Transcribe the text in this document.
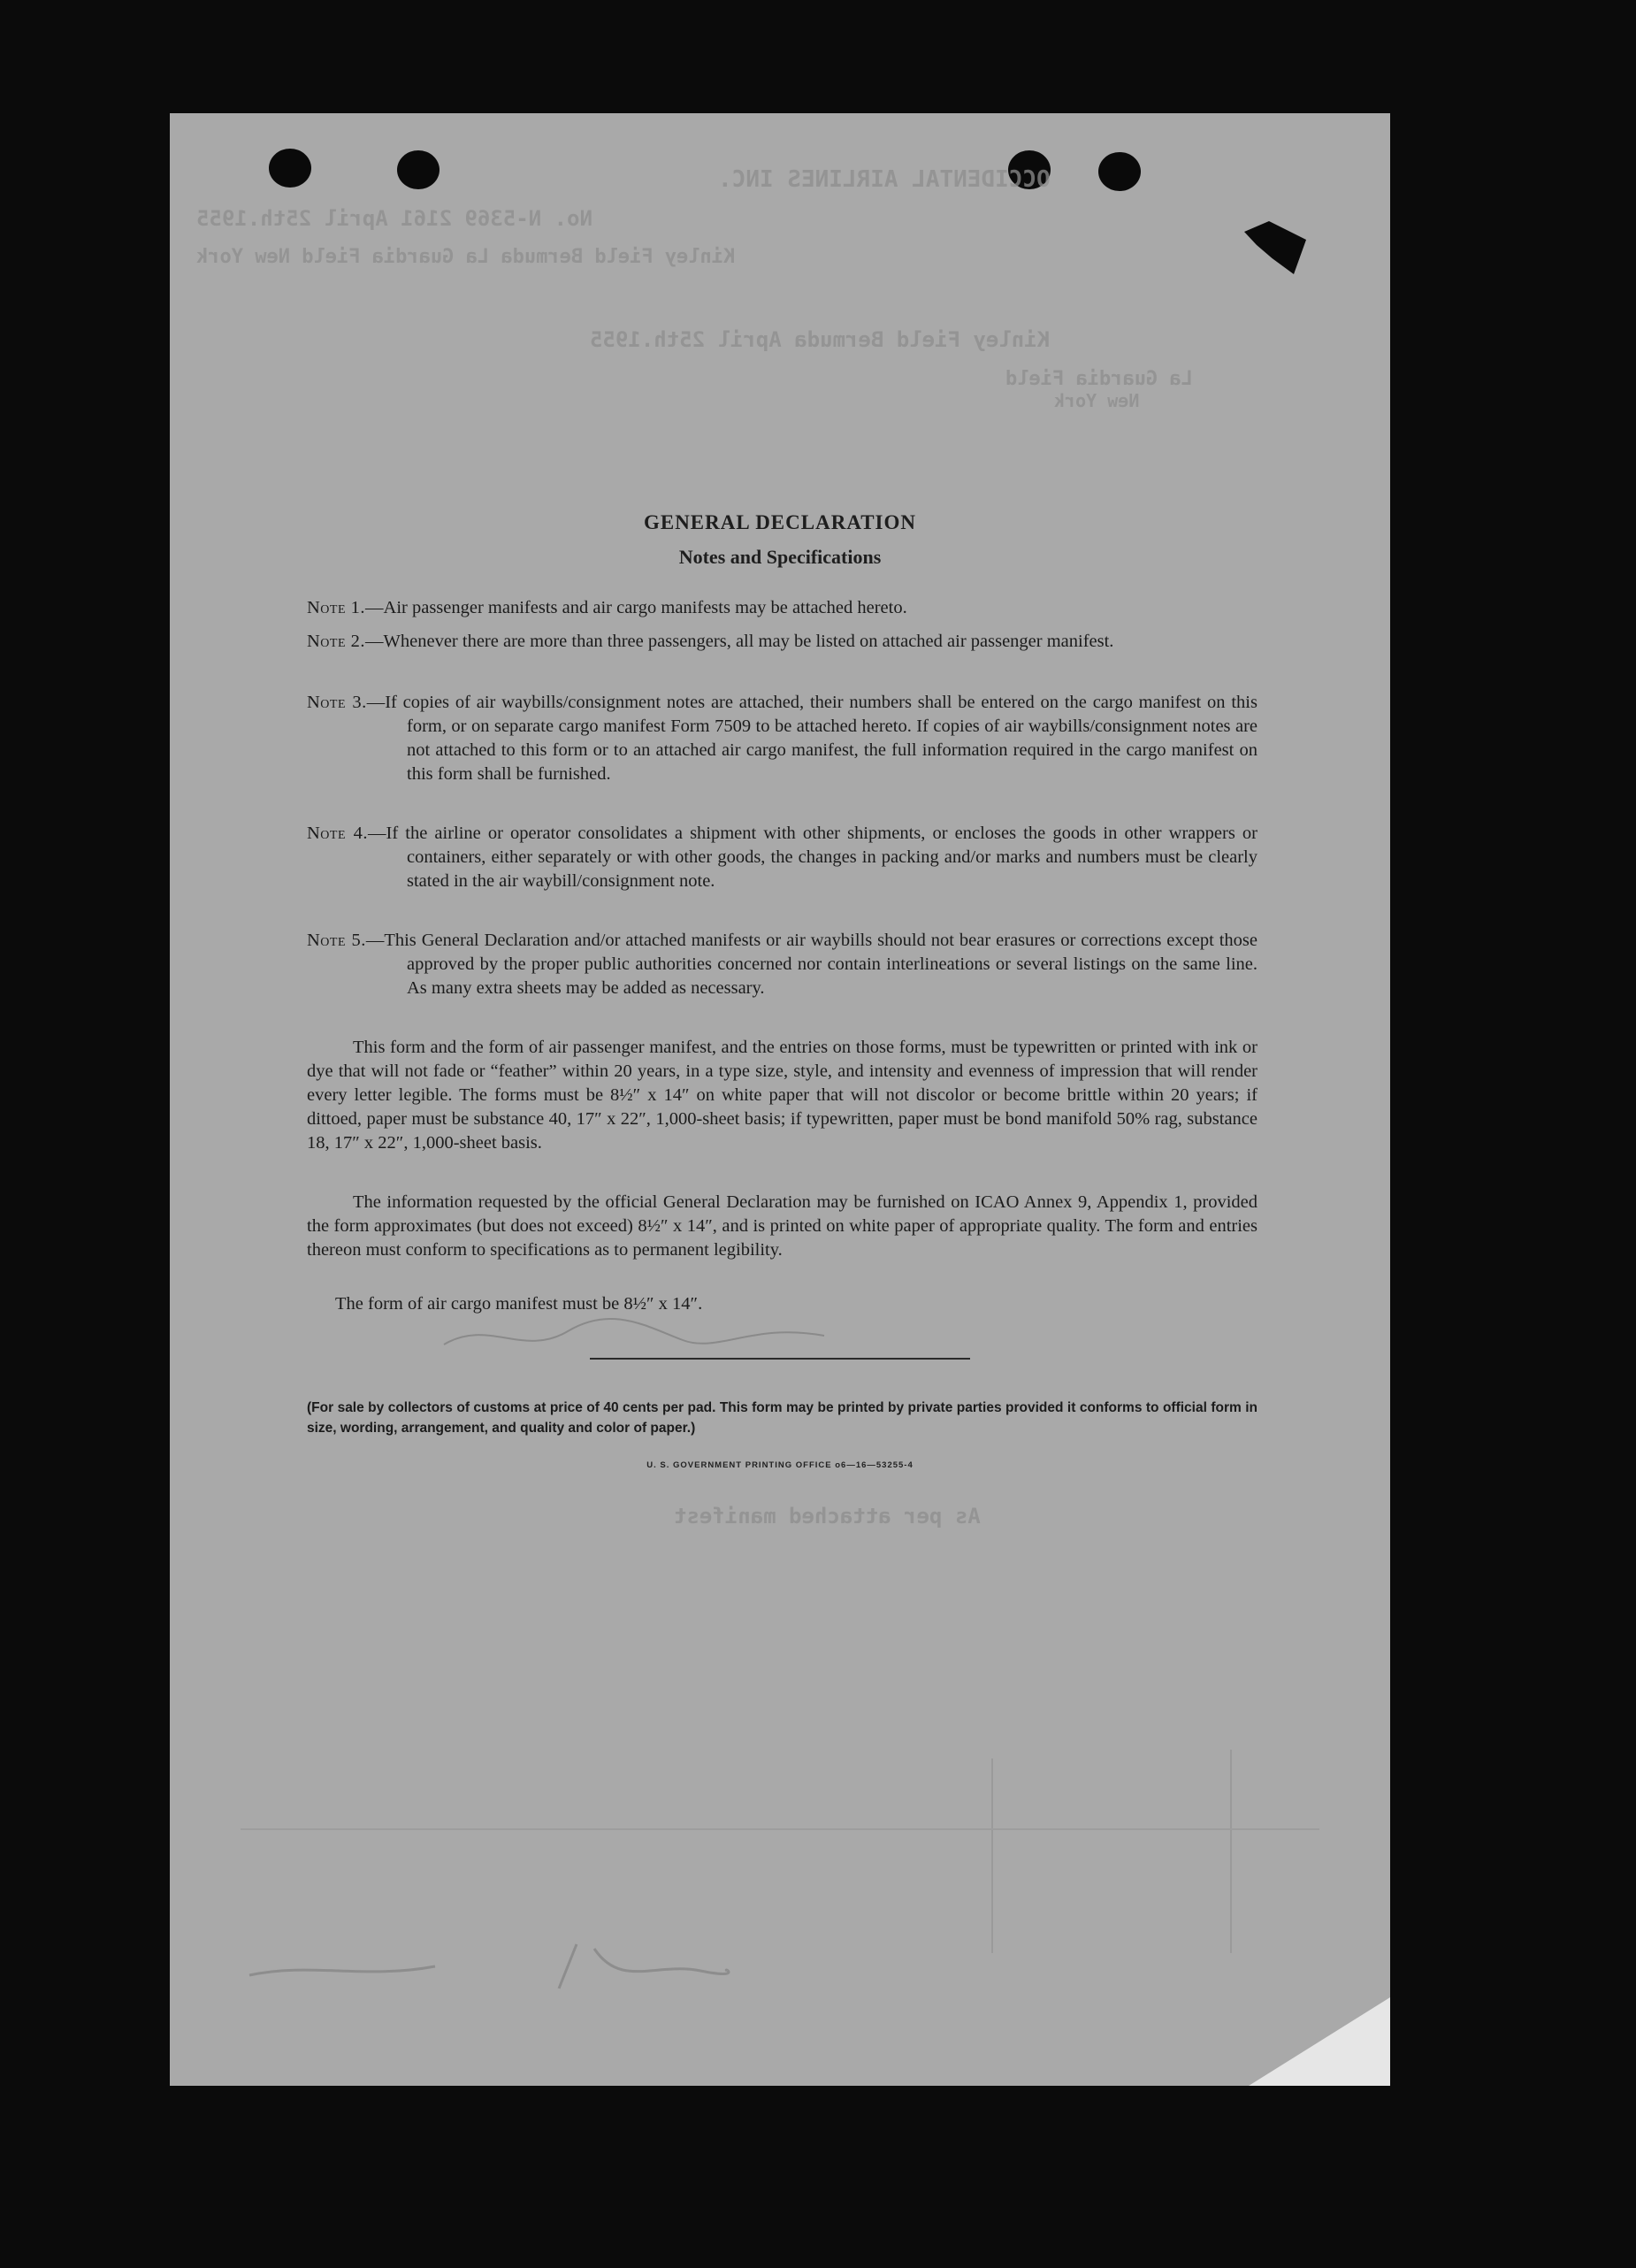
OCCIDENTAL AIRLINES INC.
No. N-5369 2161 April 25th.1955
Kinley Field Bermuda La Guardia Field New York
Kinley Field Bermuda April 25th.1955
La Guardia Field
New York
As per attached manifest
GENERAL DECLARATION
Notes and Specifications
Note 1.—Air passenger manifests and air cargo manifests may be attached hereto.
Note 2.—Whenever there are more than three passengers, all may be listed on attached air passenger manifest.
Note 3.—If copies of air waybills/consignment notes are attached, their numbers shall be entered on the cargo manifest on this form, or on separate cargo manifest Form 7509 to be attached hereto. If copies of air waybills/consignment notes are not attached to this form or to an attached air cargo manifest, the full information required in the cargo manifest on this form shall be furnished.
Note 4.—If the airline or operator consolidates a shipment with other shipments, or encloses the goods in other wrappers or containers, either separately or with other goods, the changes in packing and/or marks and numbers must be clearly stated in the air waybill/consignment note.
Note 5.—This General Declaration and/or attached manifests or air waybills should not bear erasures or corrections except those approved by the proper public authorities concerned nor contain interlineations or several listings on the same line. As many extra sheets may be added as necessary.
This form and the form of air passenger manifest, and the entries on those forms, must be typewritten or printed with ink or dye that will not fade or “feather” within 20 years, in a type size, style, and intensity and evenness of impression that will render every letter legible. The forms must be 8½″ x 14″ on white paper that will not discolor or become brittle within 20 years; if dittoed, paper must be substance 40, 17″ x 22″, 1,000-sheet basis; if typewritten, paper must be bond manifold 50% rag, substance 18, 17″ x 22″, 1,000-sheet basis.
The information requested by the official General Declaration may be furnished on ICAO Annex 9, Appendix 1, provided the form approximates (but does not exceed) 8½″ x 14″, and is printed on white paper of appropriate quality. The form and entries thereon must conform to specifications as to permanent legibility.
The form of air cargo manifest must be 8½″ x 14″.
(For sale by collectors of customs at price of 40 cents per pad. This form may be printed by private parties provided it conforms to official form in size, wording, arrangement, and quality and color of paper.)
U. S. GOVERNMENT PRINTING OFFICE o6—16—53255-4
